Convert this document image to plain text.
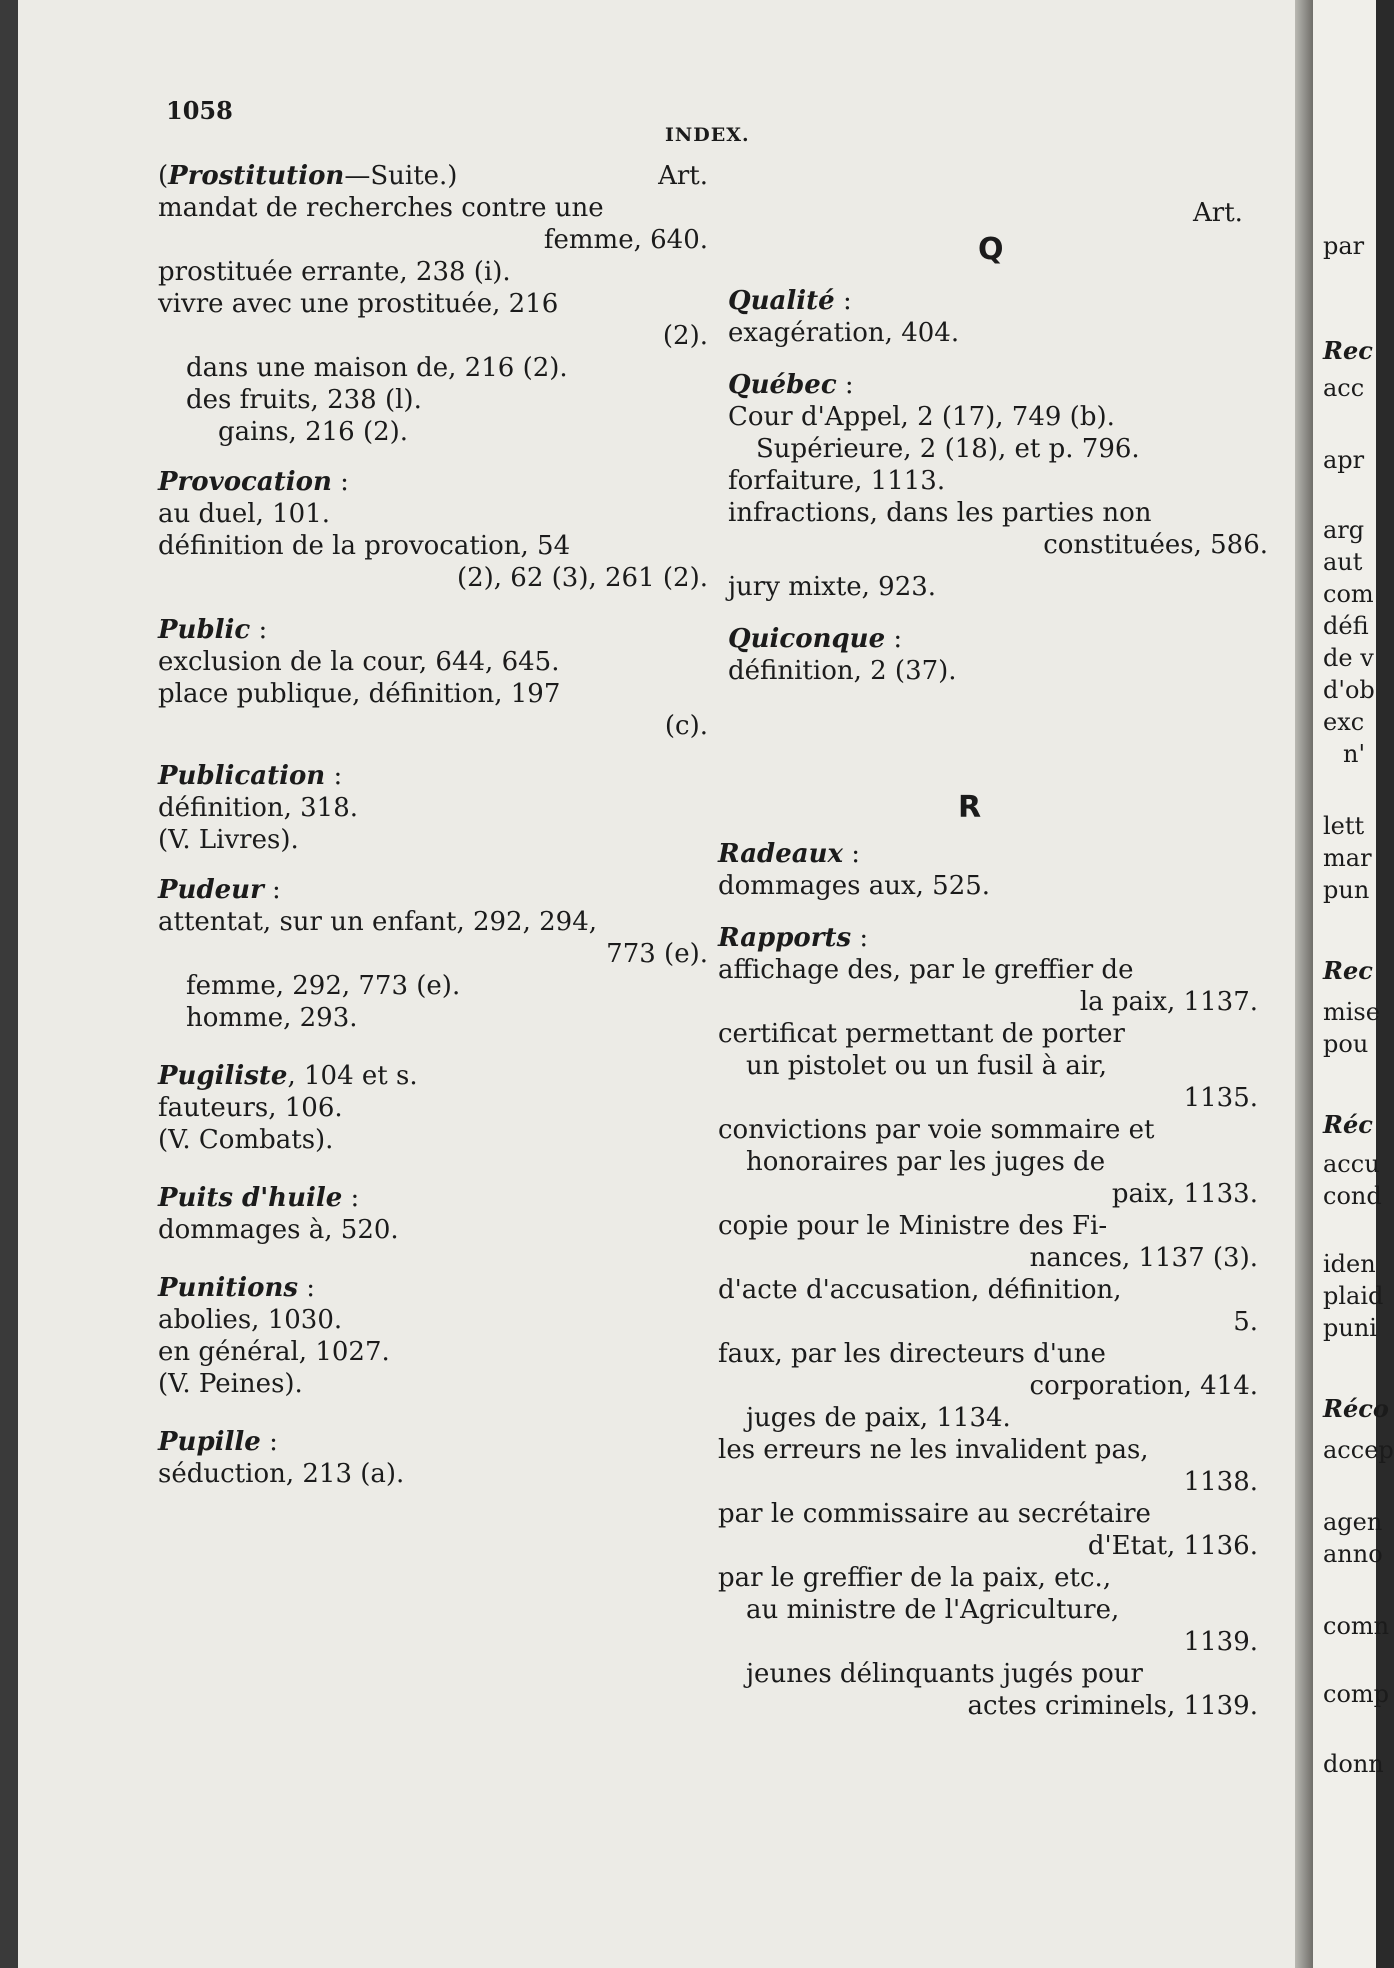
1058
INDEX.
(Prostitution—Suite.)	Art.
mandat de recherches contre une
femme, 640.
prostituée errante, 238 (i).
vivre avec une prostituée, 216
(2).
dans une maison de, 216 (2).
des fruits, 238 (l).
gains, 216 (2).
Provocation :
au duel, 101.
définition de la provocation, 54
(2), 62 (3), 261 (2).
Public :
exclusion de la cour, 644, 645.
place publique, définition, 197
(c).
Publication :
définition, 318.
(V. Livres).
Pudeur :
attentat, sur un enfant, 292, 294,
773 (e).
femme, 292, 773 (e).
homme, 293.
Pugiliste, 104 et s.
fauteurs, 106.
(V. Combats).
Puits d'huile :
dommages à, 520.
Punitions :
abolies, 1030.
en général, 1027.
(V. Peines).
Pupille :
séduction, 213 (a).
Art.
Q
Qualité :
exagération, 404.
Québec :
Cour d'Appel, 2 (17), 749 (b).
Supérieure, 2 (18), et p. 796.
forfaiture, 1113.
infractions, dans les parties non
constituées, 586.
jury mixte, 923.
Quiconque :
définition, 2 (37).
R
Radeaux :
dommages aux, 525.
Rapports :
affichage des, par le greffier de
la paix, 1137.
certificat permettant de porter
un pistolet ou un fusil à air,
1135.
convictions par voie sommaire et
honoraires par les juges de
paix, 1133.
copie pour le Ministre des Fi-
nances, 1137 (3).
d'acte d'accusation, définition,
5.
faux, par les directeurs d'une
corporation, 414.
juges de paix, 1134.
les erreurs ne les invalident pas,
1138.
par le commissaire au secrétaire
d'Etat, 1136.
par le greffier de la paix, etc.,
au ministre de l'Agriculture,
1139.
jeunes délinquants jugés pour
actes criminels, 1139.
par
Rec
acc
apr
arg
aut
com
défi
de v
d'ob
exc
n'
lett
mar
pun
Rec
mise
pou
Réc
accu
cond
iden
plaid
puni
Réco
accep
agen
anno
comn
comp
donn
